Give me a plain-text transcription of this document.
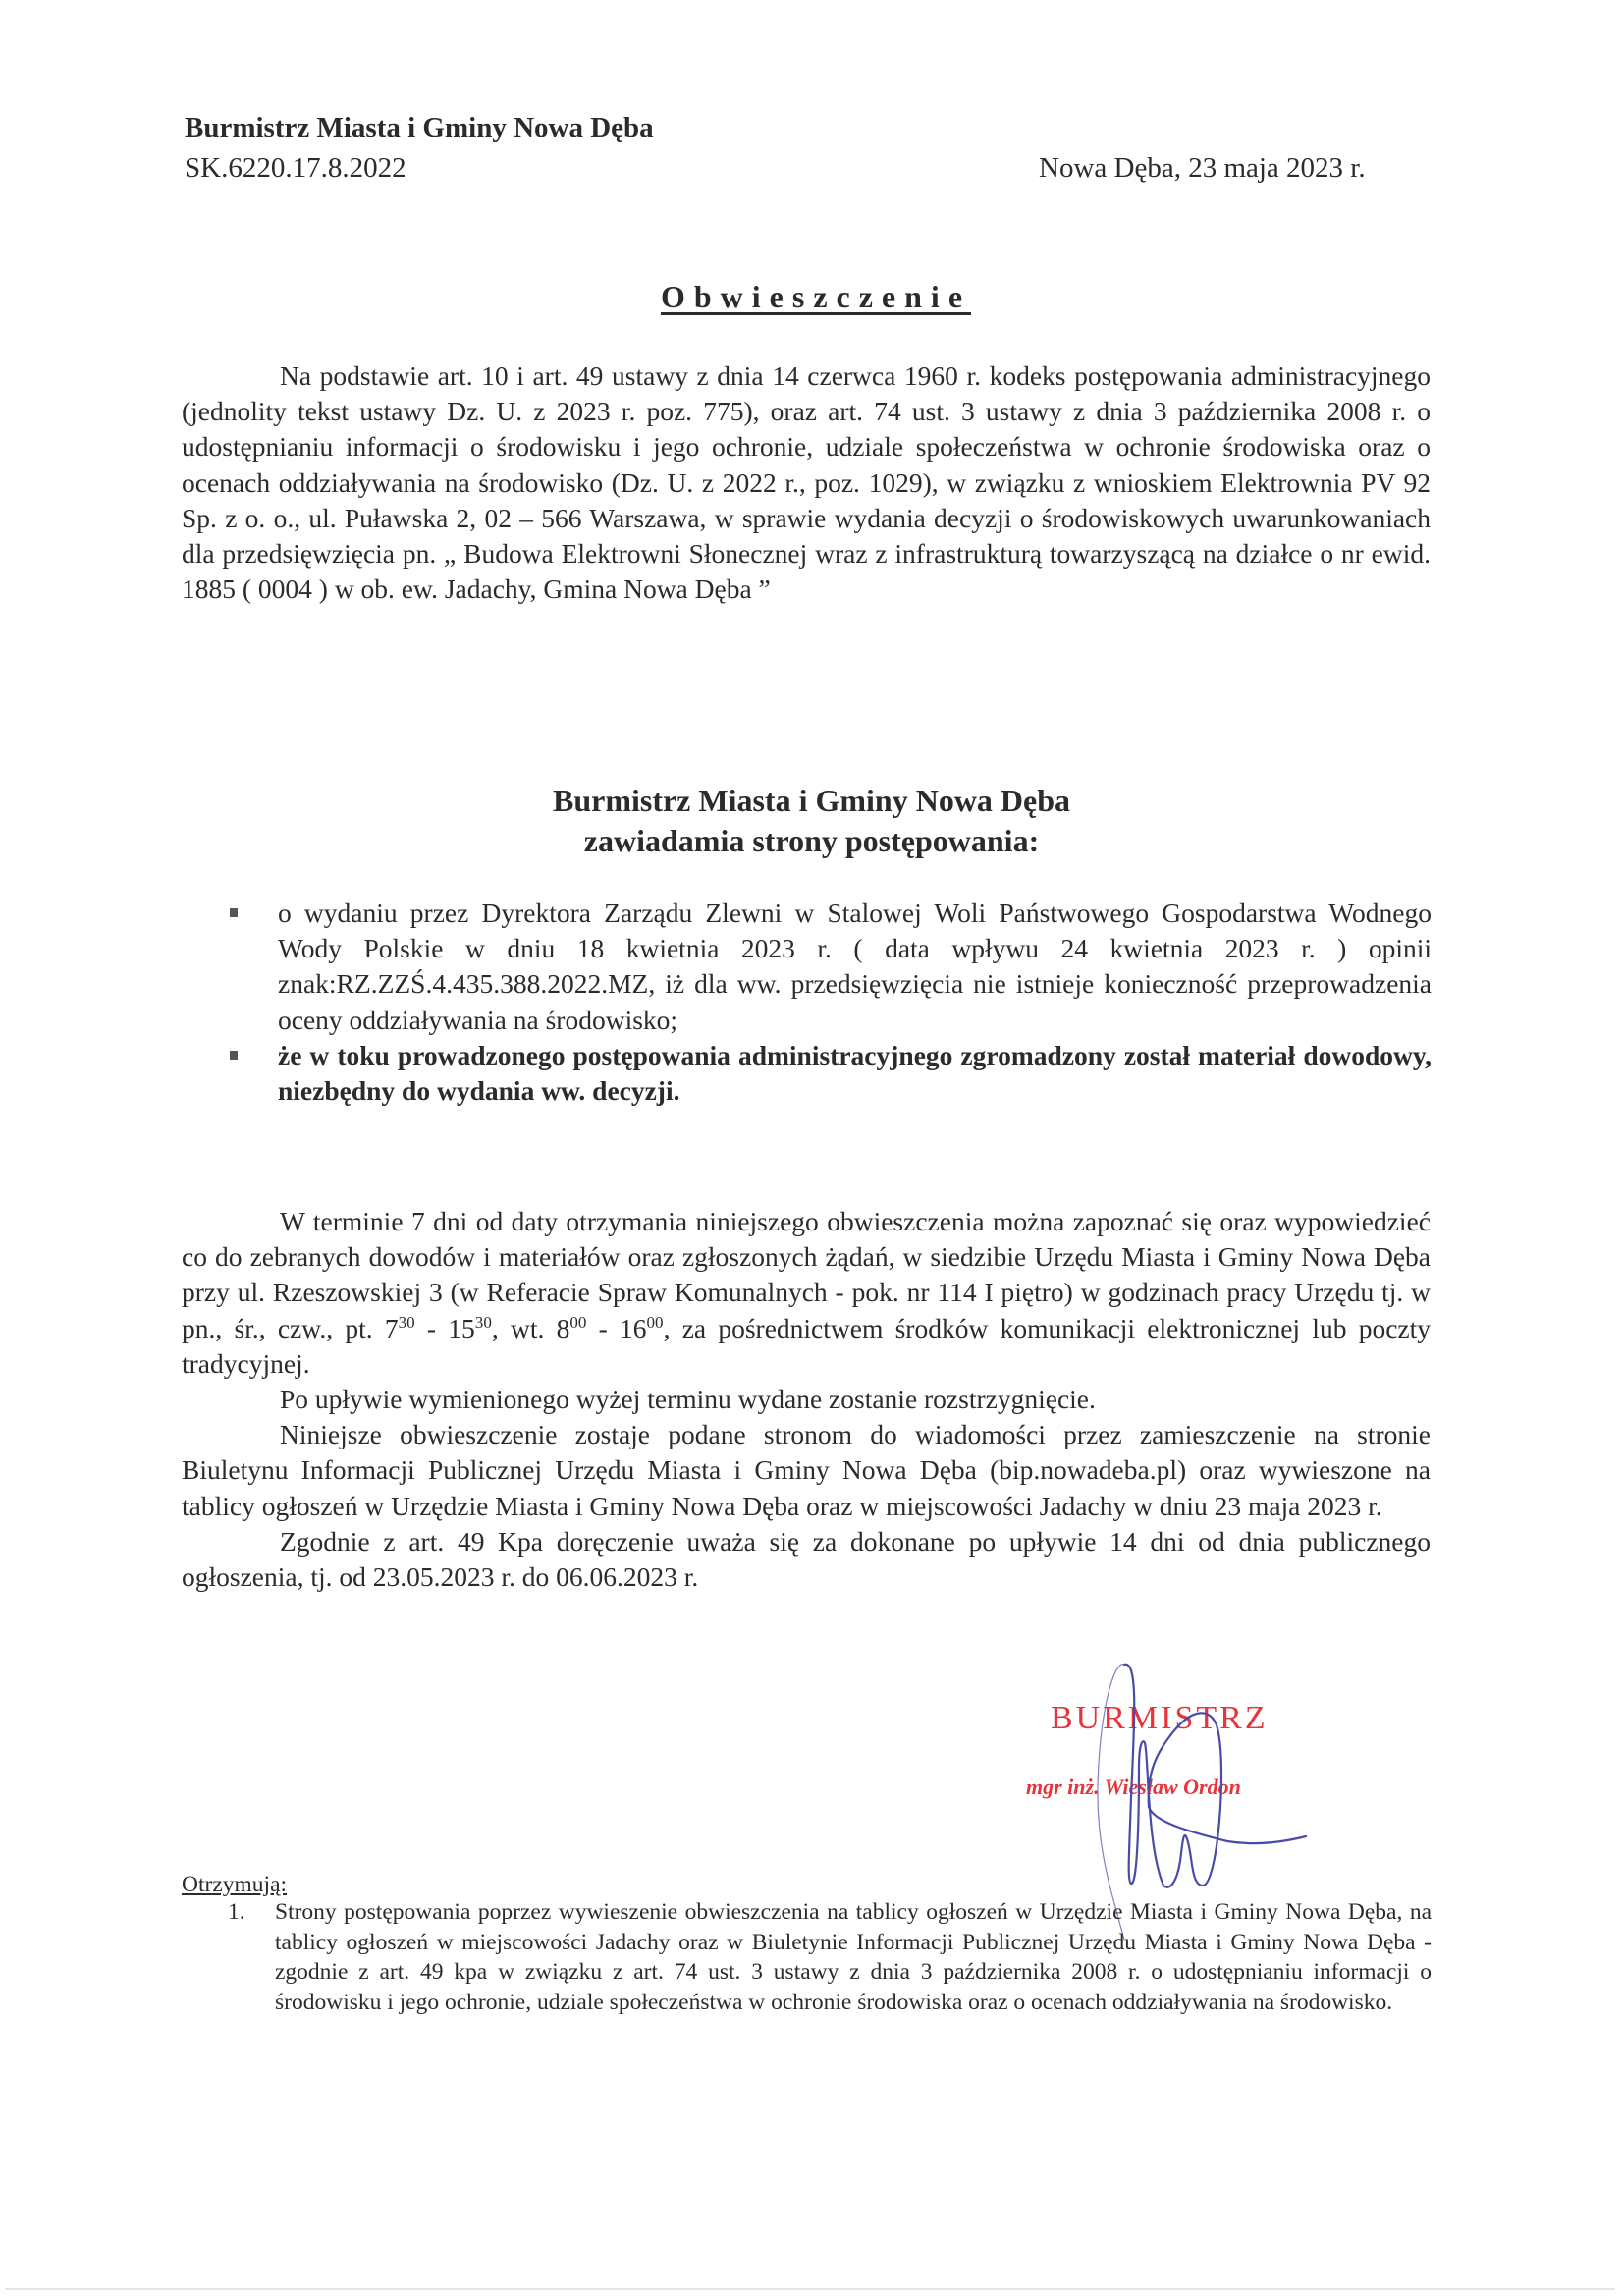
Burmistrz Miasta i Gminy Nowa Dęba
SK.6220.17.8.2022	Nowa Dęba, 23 maja 2023 r.
Obwieszczenie

Na podstawie art. 10 i art. 49 ustawy z dnia 14 czerwca 1960 r. kodeks postępowania administracyjnego (jednolity tekst ustawy Dz. U. z 2023 r. poz. 775), oraz art. 74 ust. 3 ustawy z dnia 3 października 2008 r. o udostępnianiu informacji o środowisku i jego ochronie, udziale społeczeństwa w ochronie środowiska oraz o ocenach oddziaływania na środowisko (Dz. U. z 2022 r., poz. 1029), w związku z wnioskiem Elektrownia PV 92 Sp. z o. o., ul. Puławska 2, 02 – 566 Warszawa, w sprawie wydania decyzji o środowiskowych uwarunkowaniach dla przedsięwzięcia pn. „ Budowa Elektrowni Słonecznej wraz z infrastrukturą towarzyszącą na działce o nr ewid. 1885 ( 0004 ) w ob. ew. Jadachy, Gmina Nowa Dęba ”

Burmistrz Miasta i Gminy Nowa Dęba
zawiadamia strony postępowania:

o wydaniu przez Dyrektora Zarządu Zlewni w Stalowej Woli Państwowego Gospodarstwa Wodnego Wody Polskie w dniu 18 kwietnia 2023 r. ( data wpływu 24 kwietnia 2023 r. ) opinii znak:RZ.ZZŚ.4.435.388.2022.MZ, iż dla ww. przedsięwzięcia nie istnieje konieczność przeprowadzenia oceny oddziaływania na środowisko;

że w toku prowadzonego postępowania administracyjnego zgromadzony został materiał dowodowy, niezbędny do wydania ww. decyzji.

W terminie 7 dni od daty otrzymania niniejszego obwieszczenia można zapoznać się oraz wypowiedzieć co do zebranych dowodów i materiałów oraz zgłoszonych żądań, w siedzibie Urzędu Miasta i Gminy Nowa Dęba przy ul. Rzeszowskiej 3 (w Referacie Spraw Komunalnych - pok. nr 114 I piętro) w godzinach pracy Urzędu tj. w pn., śr., czw., pt. $7^{30} - 15^{30}$, wt. $8^{00} - 16^{00}$, za pośrednictwem środków komunikacji elektronicznej lub poczty tradycyjnej.

Po upływie wymienionego wyżej terminu wydane zostanie rozstrzygnięcie.

Niniejsze obwieszczenie zostaje podane stronom do wiadomości przez zamieszczenie na stronie Biuletynu Informacji Publicznej Urzędu Miasta i Gminy Nowa Dęba (bip.nowadeba.pl) oraz wywieszone na tablicy ogłoszeń w Urzędzie Miasta i Gminy Nowa Dęba oraz w miejscowości Jadachy w dniu 23 maja 2023 r.

Zgodnie z art. 49 Kpa doręczenie uważa się za dokonane po upływie 14 dni od dnia publicznego ogłoszenia, tj. od 23.05.2023 r. do 06.06.2023 r.

BURMISTRZ
mgr inż. Wiesław Ordon
Otrzymują:

1. Strony postępowania poprzez wywieszenie obwieszczenia na tablicy ogłoszeń w Urzędzie Miasta i Gminy Nowa Dęba, na tablicy ogłoszeń w miejscowości Jadachy oraz w Biuletynie Informacji Publicznej Urzędu Miasta i Gminy Nowa Dęba - zgodnie z art. 49 kpa w związku z art. 74 ust. 3 ustawy z dnia 3 października 2008 r. o udostępnianiu informacji o środowisku i jego ochronie, udziale społeczeństwa w ochronie środowiska oraz o ocenach oddziaływania na środowisko.
